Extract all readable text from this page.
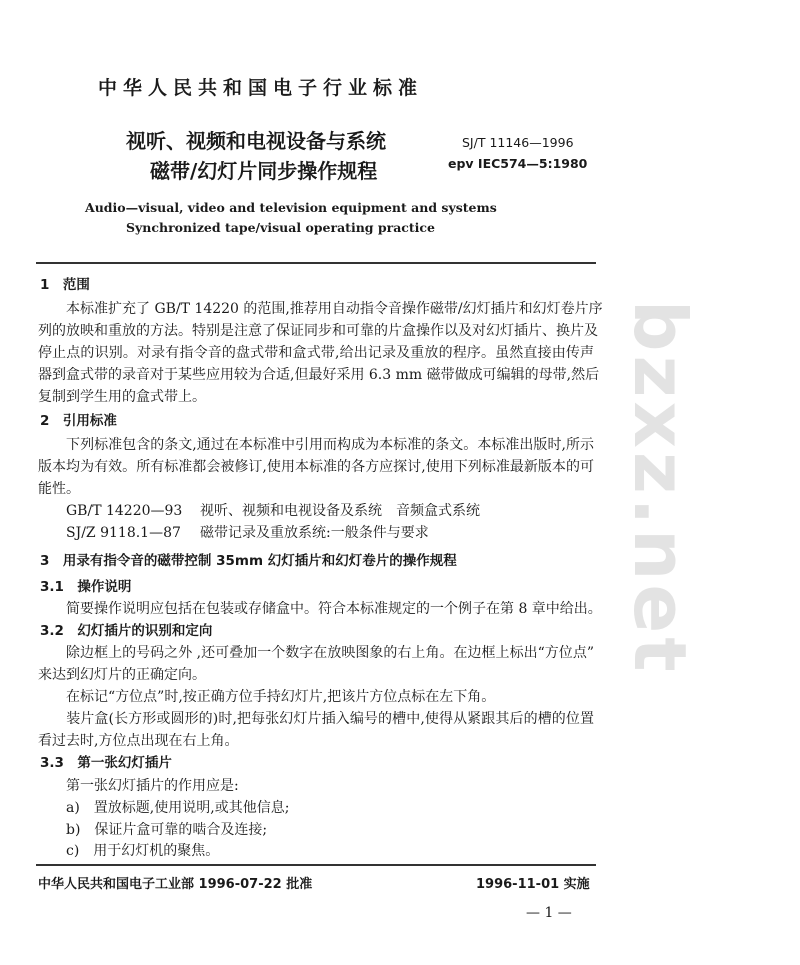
bzxz.net
中华人民共和国电子行业标准
视听、视频和电视设备与系统
磁带/幻灯片同步操作规程
SJ/T 11146—1996
epv IEC574—5:1980
Audio—visual, video and television equipment and systems
Synchronized tape/visual operating practice
1　范围
　　本标准扩充了 GB/T 14220 的范围,推荐用自动指令音操作磁带/幻灯插片和幻灯卷片序
列的放映和重放的方法。特别是注意了保证同步和可靠的片盒操作以及对幻灯插片、换片及
停止点的识别。对录有指令音的盘式带和盒式带,给出记录及重放的程序。虽然直接由传声
器到盒式带的录音对于某些应用较为合适,但最好采用 6.3 mm 磁带做成可编辑的母带,然后
复制到学生用的盒式带上。
2　引用标准
　　下列标准包含的条文,通过在本标准中引用而构成为本标准的条文。本标准出版时,所示
版本均为有效。所有标准都会被修订,使用本标准的各方应探讨,使用下列标准最新版本的可
能性。
GB/T 14220—93 视听、视频和电视设备及系统　音频盒式系统
SJ/Z 9118.1—87 磁带记录及重放系统:一般条件与要求
3　用录有指令音的磁带控制 35mm 幻灯插片和幻灯卷片的操作规程
3.1　操作说明
　　简要操作说明应包括在包装或存储盒中。符合本标准规定的一个例子在第 8 章中给出。
3.2　幻灯插片的识别和定向
　　除边框上的号码之外 ,还可叠加一个数字在放映图象的右上角。在边框上标出“方位点”
来达到幻灯片的正确定向。
　　在标记“方位点”时,按正确方位手持幻灯片,把该片方位点标在左下角。
　　装片盒(长方形或圆形的)时,把每张幻灯片插入编号的槽中,使得从紧跟其后的槽的位置
看过去时,方位点出现在右上角。
3.3　第一张幻灯插片
　　第一张幻灯插片的作用应是:
a)　置放标题,使用说明,或其他信息;
b)　保证片盒可靠的啮合及连接;
c)　用于幻灯机的聚焦。
中华人民共和国电子工业部 1996-07-22 批准	1996-11-01 实施
— 1 —
